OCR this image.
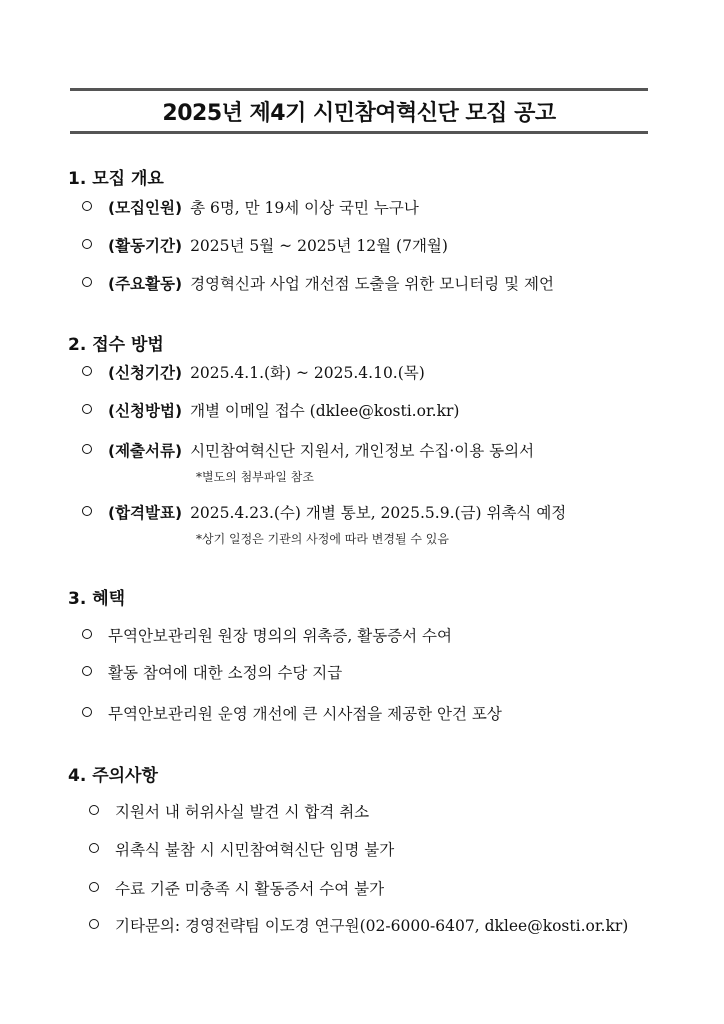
2025년 제4기 시민참여혁신단 모집 공고
1. 모집 개요
(모집인원) 총 6명, 만 19세 이상 국민 누구나
(활동기간) 2025년 5월 ~ 2025년 12월 (7개월)
(주요활동) 경영혁신과 사업 개선점 도출을 위한 모니터링 및 제언
2. 접수 방법
(신청기간) 2025.4.1.(화) ~ 2025.4.10.(목)
(신청방법) 개별 이메일 접수 (dklee@kosti.or.kr)
(제출서류) 시민참여혁신단 지원서, 개인정보 수집·이용 동의서
*별도의 첨부파일 참조
(합격발표) 2025.4.23.(수) 개별 통보, 2025.5.9.(금) 위촉식 예정
*상기 일정은 기관의 사정에 따라 변경될 수 있음
3. 혜택
무역안보관리원 원장 명의의 위촉증, 활동증서 수여
활동 참여에 대한 소정의 수당 지급
무역안보관리원 운영 개선에 큰 시사점을 제공한 안건 포상
4. 주의사항
지원서 내 허위사실 발견 시 합격 취소
위촉식 불참 시 시민참여혁신단 임명 불가
수료 기준 미충족 시 활동증서 수여 불가
기타문의: 경영전략팀 이도경 연구원(02-6000-6407, dklee@kosti.or.kr)
